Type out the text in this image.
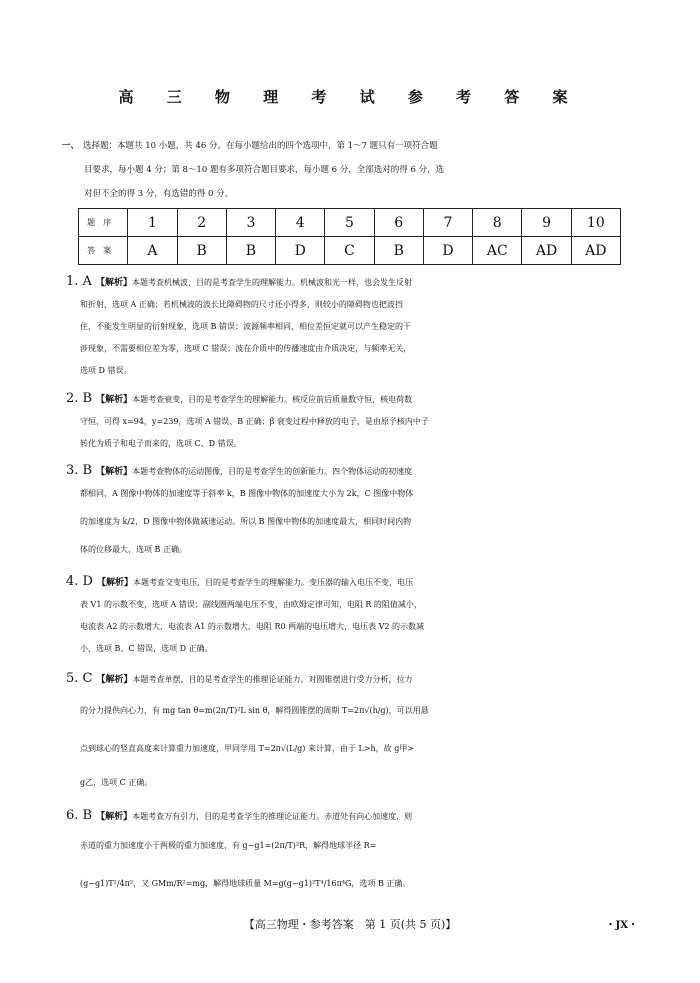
高 三 物 理 考 试 参 考 答 案
一、 选择题：本题共 10 小题，共 46 分。在每小题给出的四个选项中，第 1～7 题只有一项符合题
目要求，每小题 4 分；第 8～10 题有多项符合题目要求，每小题 6 分，全部选对的得 6 分，选
对但不全的得 3 分，有选错的得 0 分。
题序	1	2	3	4	5	6	7	8	9	10
答案	A	B	B	D	C	B	D	AC	AD	AD
1. A 【解析】本题考查机械波，目的是考查学生的理解能力。机械波和光一样，也会发生反射
和折射，选项 A 正确；若机械波的波长比障碍物的尺寸还小得多，则较小的障碍物也把波挡
住，不能发生明显的衍射现象，选项 B 错误；波源频率相同，相位差恒定就可以产生稳定的干
涉现象，不需要相位差为零，选项 C 错误；波在介质中的传播速度由介质决定，与频率无关，
选项 D 错误。
2. B 【解析】本题考查衰变，目的是考查学生的理解能力。核反应前后质量数守恒，核电荷数
守恒，可得 x=94，y=239，选项 A 错误、B 正确；β 衰变过程中释放的电子，是由原子核内中子
转化为质子和电子而来的，选项 C、D 错误。
3. B 【解析】本题考查物体的运动图像，目的是考查学生的创新能力。四个物体运动的初速度
都相同，A 图像中物体的加速度等于斜率 k，B 图像中物体的加速度大小为 2k，C 图像中物体
的加速度为 k/2，D 图像中物体做减速运动。所以 B 图像中物体的加速度最大，相同时间内物
体的位移最大，选项 B 正确。
4. D 【解析】本题考查交变电压，目的是考查学生的理解能力。变压器的输入电压不变，电压
表 V1 的示数不变，选项 A 错误；副线圈两端电压不变，由欧姆定律可知，电阻 R 的阻值减小，
电流表 A2 的示数增大，电流表 A1 的示数增大，电阻 R0 两端的电压增大，电压表 V2 的示数减
小，选项 B、C 错误，选项 D 正确。
5. C 【解析】本题考查单摆，目的是考查学生的推理论证能力。对圆锥摆进行受力分析，拉力
的分力提供向心力，有 mg tan θ=m(2π/T)²L sin θ，解得圆锥摆的周期 T=2π√(h/g)，可以用悬
点到球心的竖直高度来计算重力加速度，甲同学用 T=2π√(L/g) 来计算，由于 L>h，故 g甲>
g乙，选项 C 正确。
6. B 【解析】本题考查万有引力，目的是考查学生的推理论证能力。赤道处有向心加速度，则
赤道的重力加速度小于两极的重力加速度，有 g−g1=(2π/T)²R，解得地球半径 R=
(g−g1)T²/4π²，又 GMm/R²=mg，解得地球质量 M=g(g−g1)²T⁴/16π⁴G，选项 B 正确。
【高三物理・参考答案　第 1 页(共 5 页)】	・JX・
